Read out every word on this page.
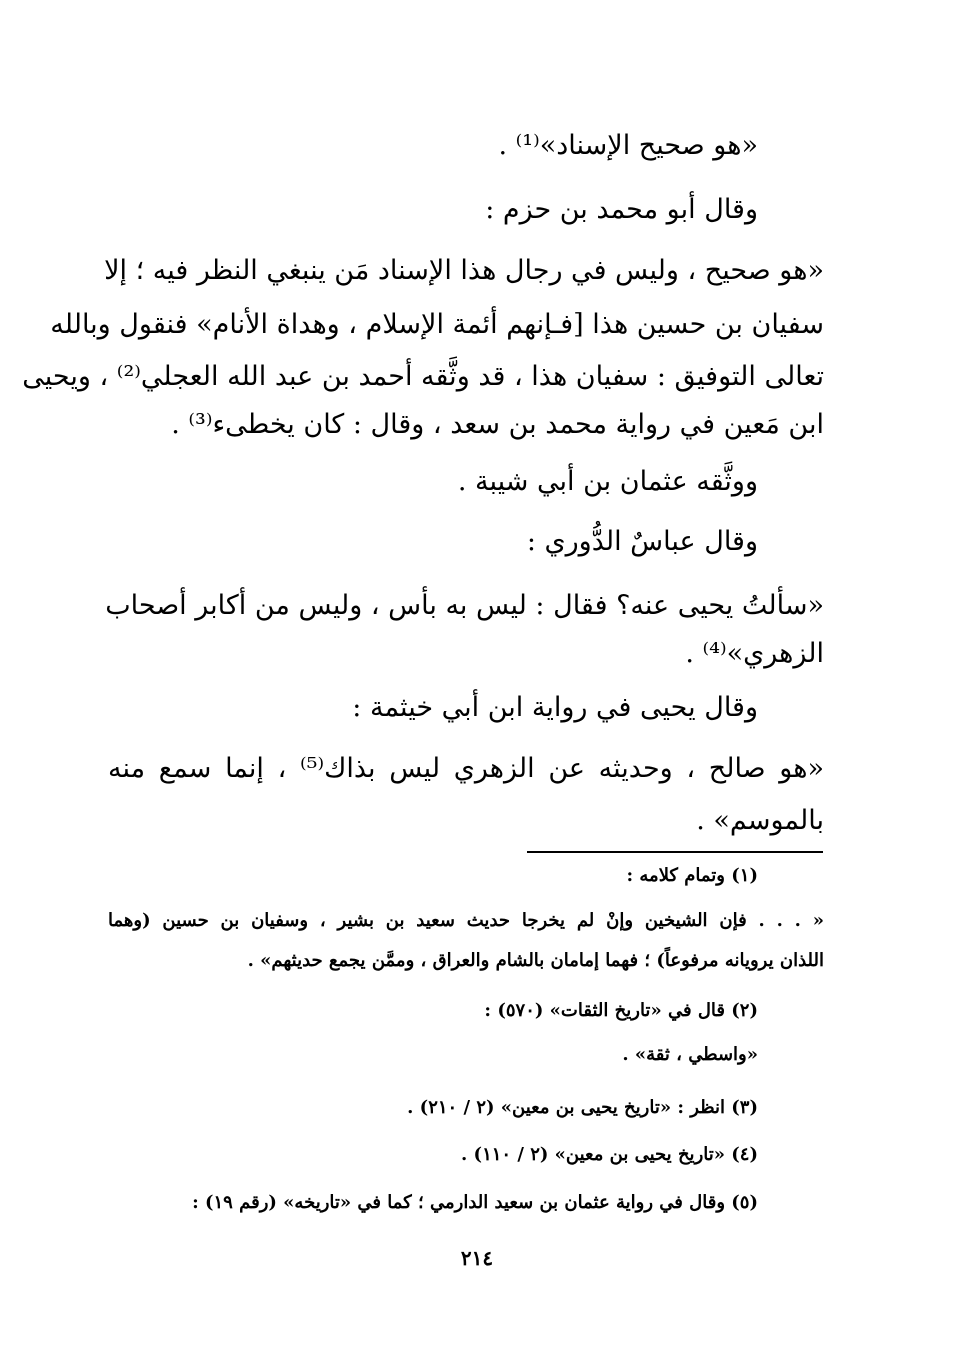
«هو صحيح الإسناد»⁽¹⁾ .
وقال أبو محمد بن حزم :
«هو صحيح ، وليس في رجال هذا الإسناد مَن ينبغي النظر فيه ؛ إلا
سفيان بن حسين هذا [فـإنهم أئمة الإسلام ، وهداة الأنام» فنقول وبالله
تعالى التوفيق : سفيان هذا ، قد وثَّقه أحمد بن عبد الله العجلي⁽²⁾ ، ويحيى
ابن مَعين في رواية محمد بن سعد ، وقال : كان يخطىء⁽³⁾ .
ووثَّقه عثمان بن أبي شيبة .
وقال عباسٌ الدُّوري :
«سألتُ يحيى عنه؟ فقال : ليس به بأس ، وليس من أكابر أصحاب
الزهري»⁽⁴⁾ .
وقال يحيى في رواية ابن أبي خيثمة :
«هو صالح ، وحديثه عن الزهري ليس بذاك⁽⁵⁾ ، إنما سمع منه
بالموسم» .
(١) وتمام كلامه :
« . . . فإن الشيخين وإنْ لم يخرجا حديث سعيد بن بشير ، وسفيان بن حسين (وهما
اللذان يرويانه مرفوعاً) ؛ فهما إمامان بالشام والعراق ، وممَّن يجمع حديثهم» .
(٢) قال في «تاريخ الثقات» (٥٧٠) :
«واسطي ، ثقة» .
(٣) انظر : «تاريخ يحيى بن معين» (٢ / ٢١٠) .
(٤) «تاريخ يحيى بن معين» (٢ / ١١٠) .
(٥) وقال في رواية عثمان بن سعيد الدارمي ؛ كما في «تاريخه» (رقم ١٩) :
٢١٤
